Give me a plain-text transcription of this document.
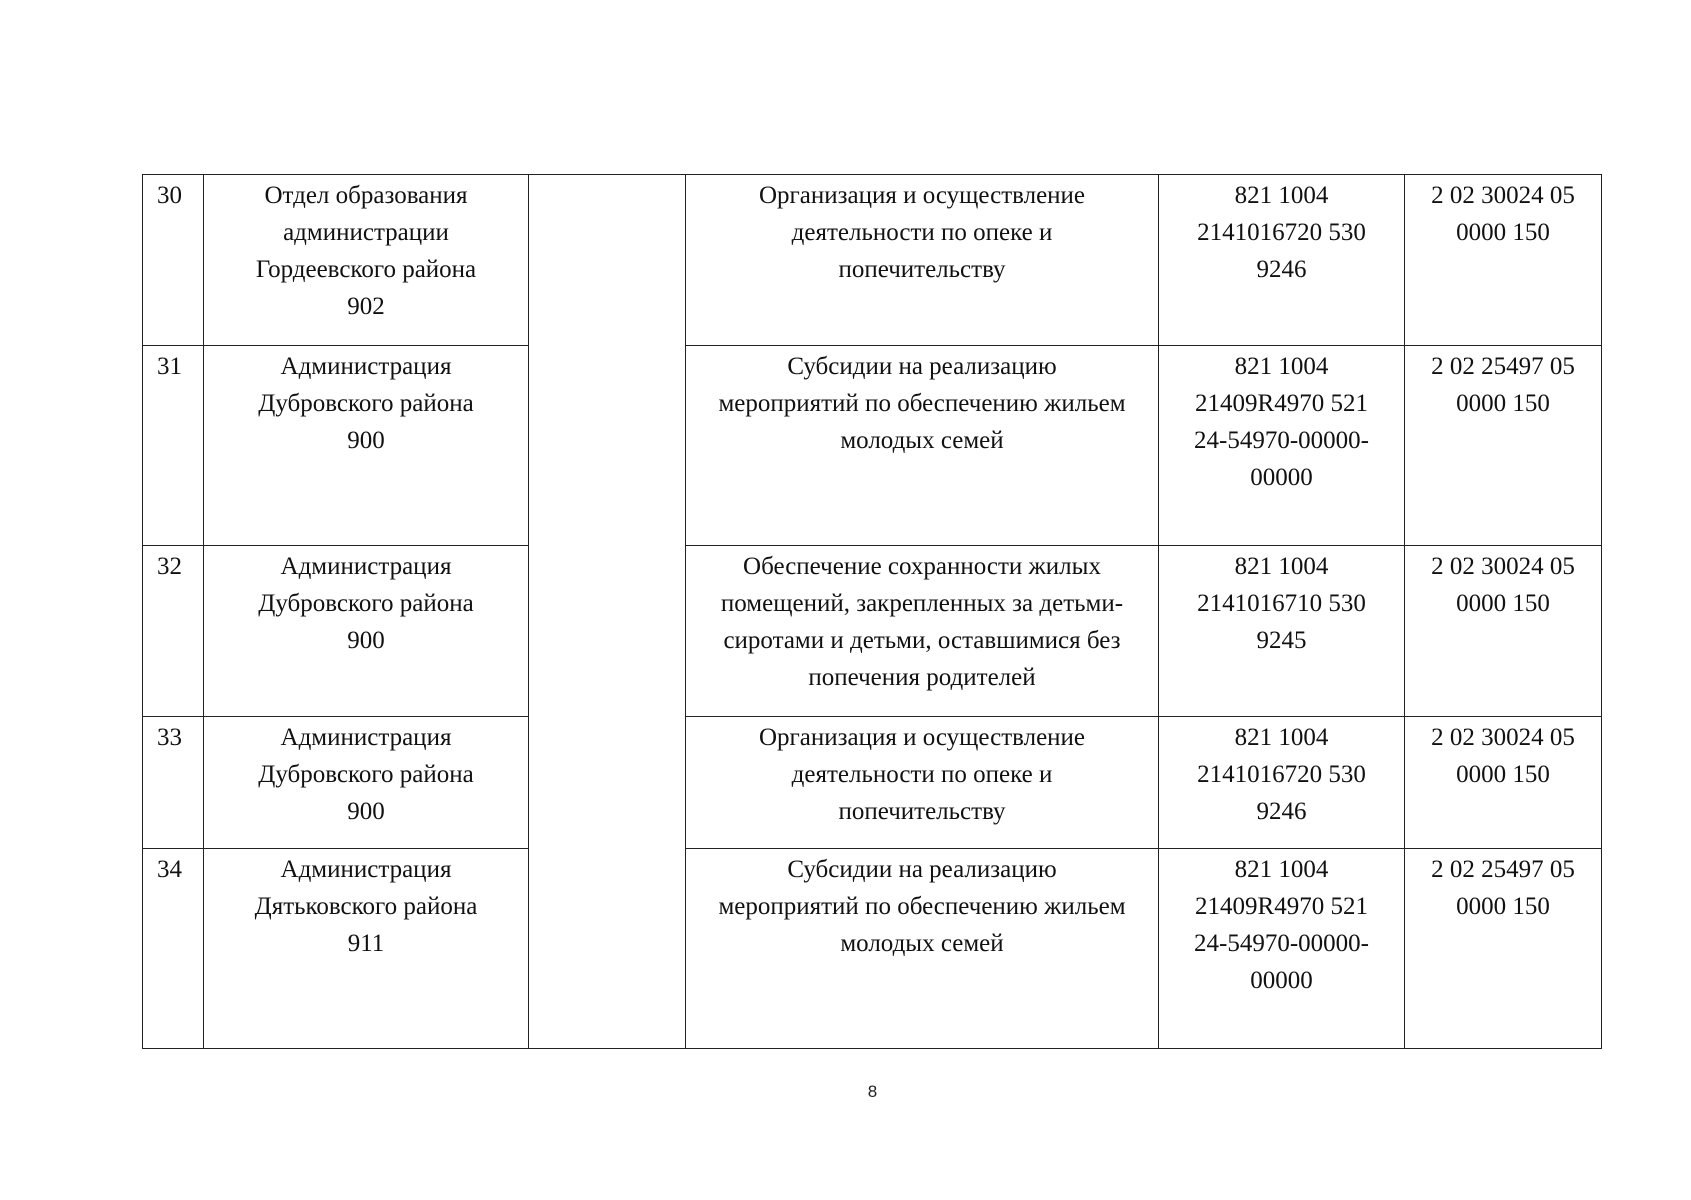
30	Отдел образования
администрации
Гордеевского района
902		Организация и осуществление
деятельности по опеке и
попечительству	821 1004
2141016720 530
9246	2 02 30024 05
0000 150

31	Администрация
Дубровского района
900		Субсидии на реализацию
мероприятий по обеспечению жильем
молодых семей	821 1004
21409R4970 521
24-54970-00000-
00000	2 02 25497 05
0000 150

32	Администрация
Дубровского района
900		Обеспечение сохранности жилых
помещений, закрепленных за детьми-
сиротами и детьми, оставшимися без
попечения родителей	821 1004
2141016710 530
9245	2 02 30024 05
0000 150

33	Администрация
Дубровского района
900		Организация и осуществление
деятельности по опеке и
попечительству	821 1004
2141016720 530
9246	2 02 30024 05
0000 150

34	Администрация
Дятьковского района
911		Субсидии на реализацию
мероприятий по обеспечению жильем
молодых семей	821 1004
21409R4970 521
24-54970-00000-
00000	2 02 25497 05
0000 150
8
